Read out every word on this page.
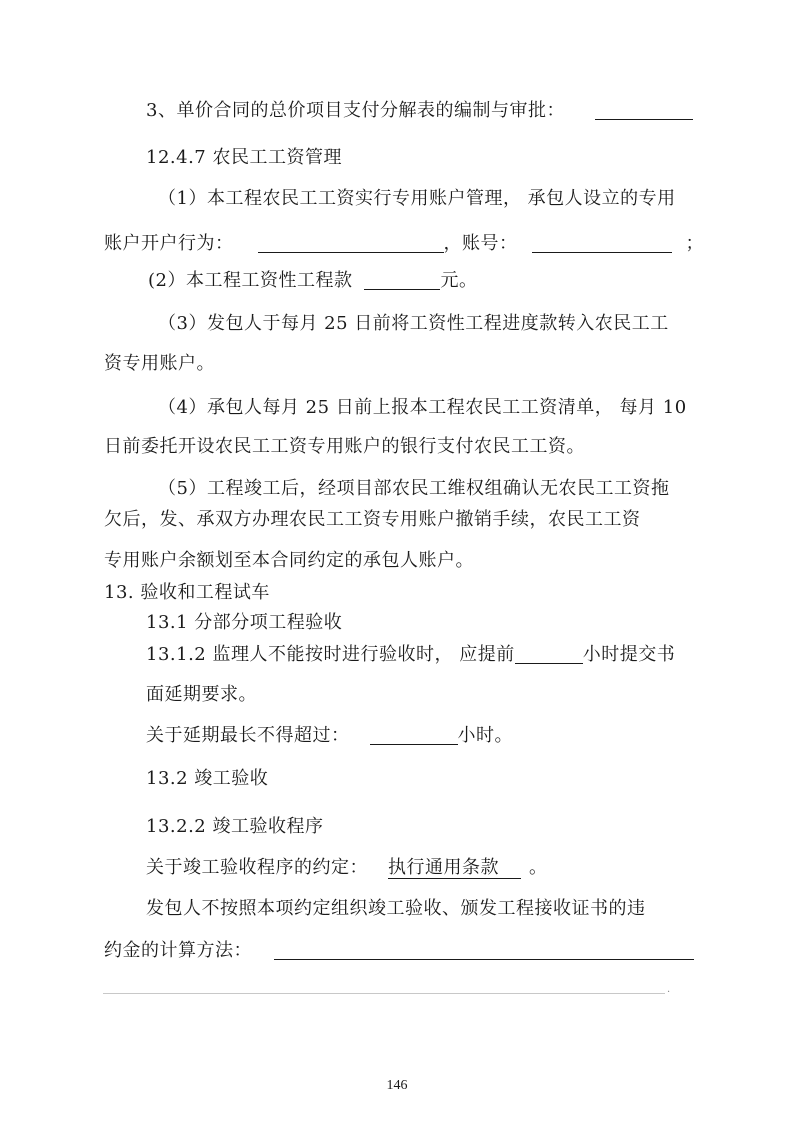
3、单价合同的总价项目支付分解表的编制与审批：
12.4.7 农民工工资管理
（1）本工程农民工工资实行专用账户管理， 承包人设立的专用
账户开户行为：	，账号：	；
(2）本工程工资性工程款	元。
（3）发包人于每月 25 日前将工资性工程进度款转入农民工工
资专用账户。
（4）承包人每月 25 日前上报本工程农民工工资清单， 每月 10
日前委托开设农民工工资专用账户的银行支付农民工工资。
（5）工程竣工后，经项目部农民工维权组确认无农民工工资拖
欠后，发、承双方办理农民工工资专用账户撤销手续，农民工工资
专用账户余额划至本合同约定的承包人账户。
13. 验收和工程试车
13.1 分部分项工程验收
13.1.2 监理人不能按时进行验收时， 应提前	小时提交书
面延期要求。
关于延期最长不得超过：	小时。
13.2 竣工验收
13.2.2 竣工验收程序
关于竣工验收程序的约定： 执行通用条款 。
发包人不按照本项约定组织竣工验收、颁发工程接收证书的违
约金的计算方法：
·
146
